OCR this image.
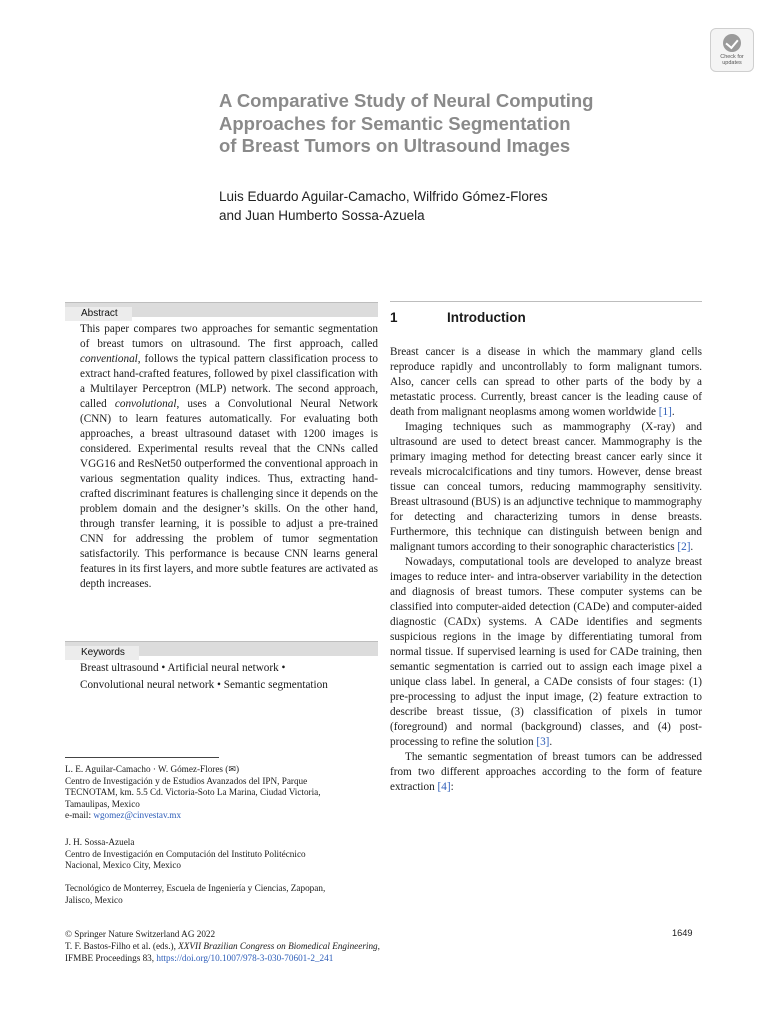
Check for
updates
A Comparative Study of Neural Computing
Approaches for Semantic Segmentation
of Breast Tumors on Ultrasound Images
Luis Eduardo Aguilar-Camacho, Wilfrido Gómez-Flores
and Juan Humberto Sossa-Azuela
Abstract
This paper compares two approaches for semantic segmentation of breast tumors on ultrasound. The first approach, called conventional, follows the typical pattern classification process to extract hand-crafted features, followed by pixel classification with a Multilayer Perceptron (MLP) network. The second approach, called convolutional, uses a Convolutional Neural Network (CNN) to learn features automatically. For evaluating both approaches, a breast ultrasound dataset with 1200 images is considered. Experimental results reveal that the CNNs called VGG16 and ResNet50 outperformed the conventional approach in various segmentation quality indices. Thus, extracting hand-crafted discriminant features is challenging since it depends on the problem domain and the designer’s skills. On the other hand, through transfer learning, it is possible to adjust a pre-trained CNN for addressing the problem of tumor segmentation satisfactorily. This performance is because CNN learns general features in its first layers, and more subtle features are activated as depth increases.
Keywords
Breast ultrasound • Artificial neural network •
Convolutional neural network • Semantic segmentation
L. E. Aguilar-Camacho · W. Gómez-Flores (✉)
Centro de Investigación y de Estudios Avanzados del IPN, Parque
TECNOTAM, km. 5.5 Cd. Victoria-Soto La Marina, Ciudad Victoria,
Tamaulipas, Mexico
e-mail: wgomez@cinvestav.mx
J. H. Sossa-Azuela
Centro de Investigación en Computación del Instituto Politécnico
Nacional, Mexico City, Mexico
Tecnológico de Monterrey, Escuela de Ingeniería y Ciencias, Zapopan,
Jalisco, Mexico
1	Introduction

Breast cancer is a disease in which the mammary gland cells reproduce rapidly and uncontrollably to form malignant tumors. Also, cancer cells can spread to other parts of the body by a metastatic process. Currently, breast cancer is the leading cause of death from malignant neoplasms among women worldwide [1].

Imaging techniques such as mammography (X-ray) and ultrasound are used to detect breast cancer. Mammography is the primary imaging method for detecting breast cancer early since it reveals microcalcifications and tiny tumors. However, dense breast tissue can conceal tumors, reducing mammography sensitivity. Breast ultrasound (BUS) is an adjunctive technique to mammography for detecting and characterizing tumors in dense breasts. Furthermore, this technique can distinguish between benign and malignant tumors according to their sonographic characteristics [2].

Nowadays, computational tools are developed to analyze breast images to reduce inter- and intra-observer variability in the detection and diagnosis of breast tumors. These computer systems can be classified into computer-aided detection (CADe) and computer-aided diagnostic (CADx) systems. A CADe identifies and segments suspicious regions in the image by differentiating tumoral from normal tissue. If supervised learning is used for CADe training, then semantic segmentation is carried out to assign each image pixel a unique class label. In general, a CADe consists of four stages: (1) pre-processing to adjust the input image, (2) feature extraction to describe breast tissue, (3) classification of pixels in tumor (foreground) and normal (background) classes, and (4) post-processing to refine the solution [3].

The semantic segmentation of breast tumors can be addressed from two different approaches according to the form of feature extraction [4]:

© Springer Nature Switzerland AG 2022
T. F. Bastos-Filho et al. (eds.), XXVII Brazilian Congress on Biomedical Engineering,
IFMBE Proceedings 83, https://doi.org/10.1007/978-3-030-70601-2_241
1649
